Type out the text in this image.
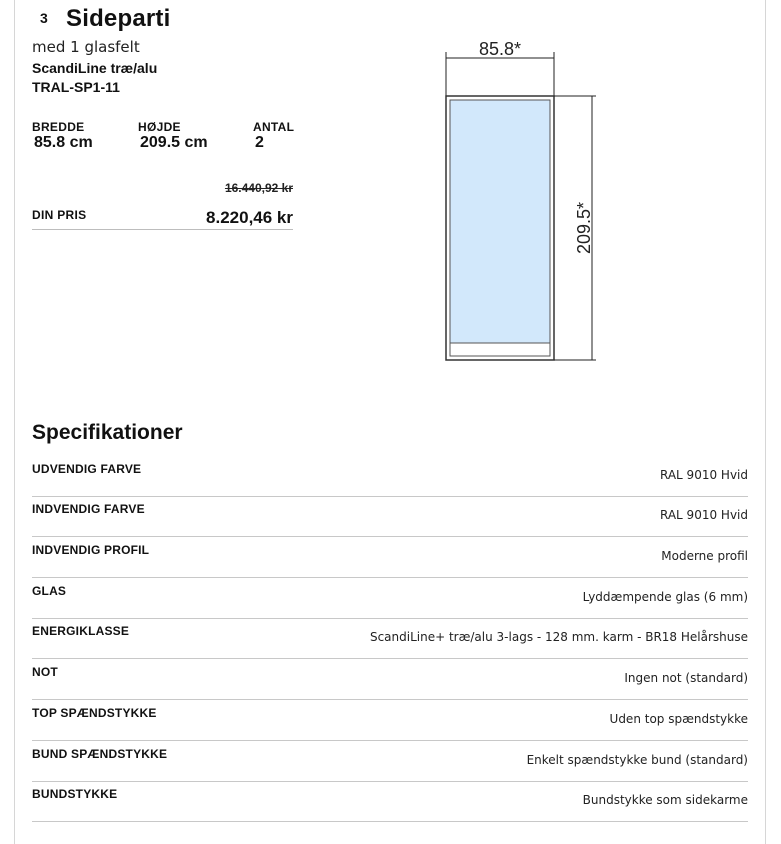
3 Sideparti
med 1 glasfelt
ScandiLine træ/alu
TRAL-SP1-11
BREDDE
85.8 cm
HØJDE
209.5 cm
ANTAL
2
16.440,92 kr
DIN PRIS	8.220,46 kr
85.8*
209.5*
Specifikationer
UDVENDIG FARVE	RAL 9010 Hvid
INDVENDIG FARVE	RAL 9010 Hvid
INDVENDIG PROFIL	Moderne profil
GLAS	Lyddæmpende glas (6 mm)
ENERGIKLASSE	ScandiLine+ træ/alu 3-lags - 128 mm. karm - BR18 Helårshuse
NOT	Ingen not (standard)
TOP SPÆNDSTYKKE	Uden top spændstykke
BUND SPÆNDSTYKKE	Enkelt spændstykke bund (standard)
BUNDSTYKKE	Bundstykke som sidekarme
